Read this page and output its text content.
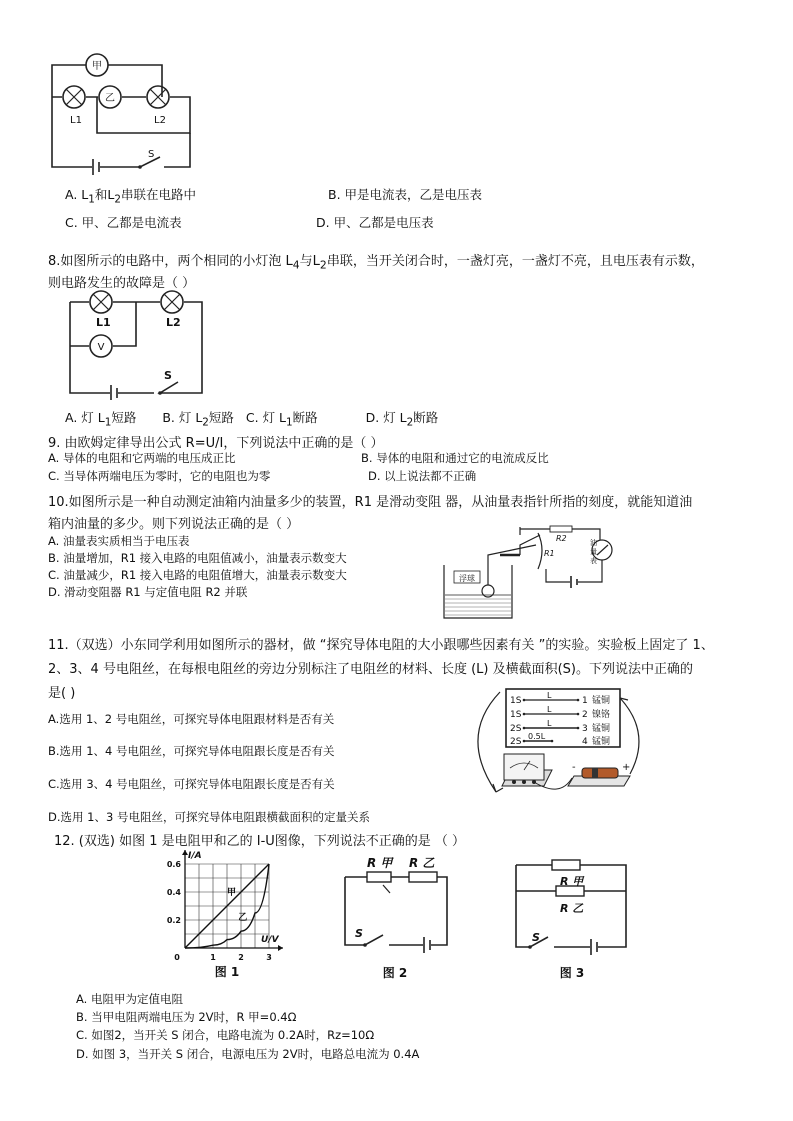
甲
L1
乙
L2
S
A. $L_1$和$L_2$串联在电路中	B. 甲是电流表，乙是电压表
C. 甲、乙都是电流表	D. 甲、乙都是电压表
8.如图所示的电路中，两个相同的小灯泡 $L_4$与$L_2$串联，当开关闭合时，一盏灯亮，一盏灯不亮，且电压表有示数，
则电路发生的故障是（ ）
L1	L2
V
S
A. 灯 $L_1$短路 B. 灯 $L_2$短路 C. 灯 $L_1$断路	D. 灯 $L_2$断路
9. 由欧姆定律导出公式 R=U/I，下列说法中正确的是（ ）
A. 导体的电阻和它两端的电压成正比	B. 导体的电阻和通过它的电流成反比
C. 当导体两端电压为零时，它的电阻也为零	D. 以上说法都不正确
10.如图所示是一种自动测定油箱内油量多少的装置，R1 是滑动变阻 器，从油量表指针所指的刻度，就能知道油
箱内油量的多少。则下列说法正确的是（ ）
A. 油量表实质相当于电压表
B. 油量增加，R1 接入电路的电阻值减小，油量表示数变大
C. 油量减少，R1 接入电路的电阻值增大，油量表示数变大
D. 滑动变阻器 R1 与定值电阻 R2 并联
浮球
R1
R2	油
量
表
11.（双选）小东同学利用如图所示的器材，做 “探究导体电阻的大小跟哪些因素有关 ”的实验。实验板上固定了 1、
2、3、4 号电阻丝，在每根电阻丝的旁边分别标注了电阻丝的材料、长度 (L) 及横截面积(S)。下列说法中正确的
是( )
A.选用 1、2 号电阻丝，可探究导体电阻跟材料是否有关
B.选用 1、4 号电阻丝，可探究导体电阻跟长度是否有关
C.选用 3、4 号电阻丝，可探究导体电阻跟长度是否有关
D.选用 1、3 号电阻丝，可探究导体电阻跟横截面积的定量关系
1S
L
1 锰铜
1S
L
2 镍铬
2S
L
3 锰铜
2S
0.5L
4 锰铜
-	+
12. (双选) 如图 1 是电阻甲和乙的 I-U图像，下列说法不正确的是 （ ）
0	1	2	3
0.2
0.4
0.6
I/A
U/V
甲
乙
图 1
R 甲 R 乙
S
图 2
R 甲
R 乙
S
图 3
A. 电阻甲为定值电阻
B. 当甲电阻两端电压为 2V时，R 甲=0.4Ω
C. 如图2，当开关 S 闭合，电路电流为 0.2A时，Rz=10Ω
D. 如图 3，当开关 S 闭合，电源电压为 2V时，电路总电流为 0.4A
